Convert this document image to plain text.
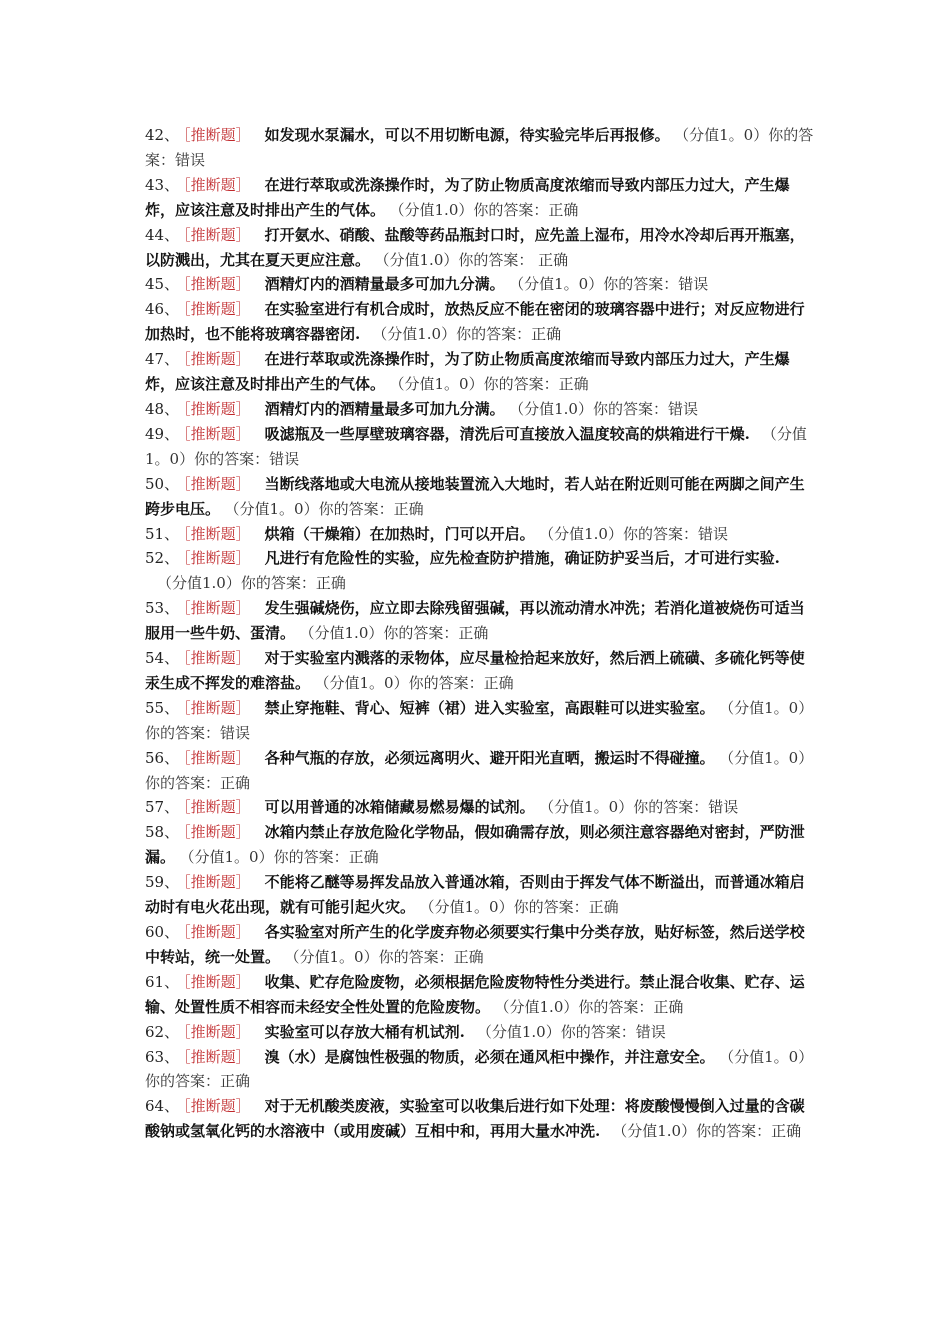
42、 ［推断题］ 如发现水泵漏水，可以不用切断电源，待实验完毕后再报修。 （分值1。0）你的答案：错误

43、 ［推断题］ 在进行萃取或洗涤操作时，为了防止物质高度浓缩而导致内部压力过大，产生爆炸，应该注意及时排出产生的气体。 （分值1.0）你的答案：正确

44、 ［推断题］ 打开氨水、硝酸、盐酸等药品瓶封口时，应先盖上湿布，用冷水冷却后再开瓶塞，以防溅出，尤其在夏天更应注意。 （分值1.0）你的答案： 正确

45、 ［推断题］ 酒精灯内的酒精量最多可加九分满。 （分值1。0）你的答案：错误

46、 ［推断题］ 在实验室进行有机合成时，放热反应不能在密闭的玻璃容器中进行；对反应物进行加热时，也不能将玻璃容器密闭. （分值1.0）你的答案：正确

47、 ［推断题］ 在进行萃取或洗涤操作时，为了防止物质高度浓缩而导致内部压力过大，产生爆炸，应该注意及时排出产生的气体。 （分值1。0）你的答案：正确

48、 ［推断题］ 酒精灯内的酒精量最多可加九分满。 （分值1.0）你的答案：错误

49、 ［推断题］ 吸滤瓶及一些厚壁玻璃容器，清洗后可直接放入温度较高的烘箱进行干燥. （分值1。0）你的答案：错误

50、 ［推断题］ 当断线落地或大电流从接地装置流入大地时，若人站在附近则可能在两脚之间产生跨步电压。 （分值1。0）你的答案：正确

51、 ［推断题］ 烘箱（干燥箱）在加热时，门可以开启。 （分值1.0）你的答案：错误

52、 ［推断题］ 凡进行有危险性的实验，应先检查防护措施，确证防护妥当后，才可进行实验.（分值1.0）你的答案：正确

53、 ［推断题］ 发生强碱烧伤，应立即去除残留强碱，再以流动清水冲洗；若消化道被烧伤可适当服用一些牛奶、蛋清。 （分值1.0）你的答案：正确

54、 ［推断题］ 对于实验室内溅落的汞物体，应尽量检拾起来放好，然后洒上硫磺、多硫化钙等使汞生成不挥发的难溶盐。 （分值1。0）你的答案：正确

55、 ［推断题］ 禁止穿拖鞋、背心、短裤（裙）进入实验室，高跟鞋可以进实验室。 （分值1。0）你的答案：错误

56、 ［推断题］ 各种气瓶的存放，必须远离明火、避开阳光直晒，搬运时不得碰撞。 （分值1。0）你的答案：正确

57、 ［推断题］ 可以用普通的冰箱储藏易燃易爆的试剂。 （分值1。0）你的答案：错误

58、 ［推断题］ 冰箱内禁止存放危险化学物品，假如确需存放，则必须注意容器绝对密封，严防泄漏。 （分值1。0）你的答案：正确

59、 ［推断题］ 不能将乙醚等易挥发品放入普通冰箱，否则由于挥发气体不断溢出，而普通冰箱启动时有电火花出现，就有可能引起火灾。 （分值1。0）你的答案：正确

60、 ［推断题］ 各实验室对所产生的化学废弃物必须要实行集中分类存放，贴好标签，然后送学校中转站，统一处置。 （分值1。0）你的答案：正确

61、 ［推断题］ 收集、贮存危险废物，必须根据危险废物特性分类进行。禁止混合收集、贮存、运输、处置性质不相容而未经安全性处置的危险废物。 （分值1.0）你的答案：正确

62、 ［推断题］ 实验室可以存放大桶有机试剂. （分值1.0）你的答案：错误

63、 ［推断题］ 溴（水）是腐蚀性极强的物质，必须在通风柜中操作，并注意安全。 （分值1。0）你的答案：正确

64、 ［推断题］ 对于无机酸类废液，实验室可以收集后进行如下处理：将废酸慢慢倒入过量的含碳酸钠或氢氧化钙的水溶液中（或用废碱）互相中和，再用大量水冲洗. （分值1.0）你的答案：正确
